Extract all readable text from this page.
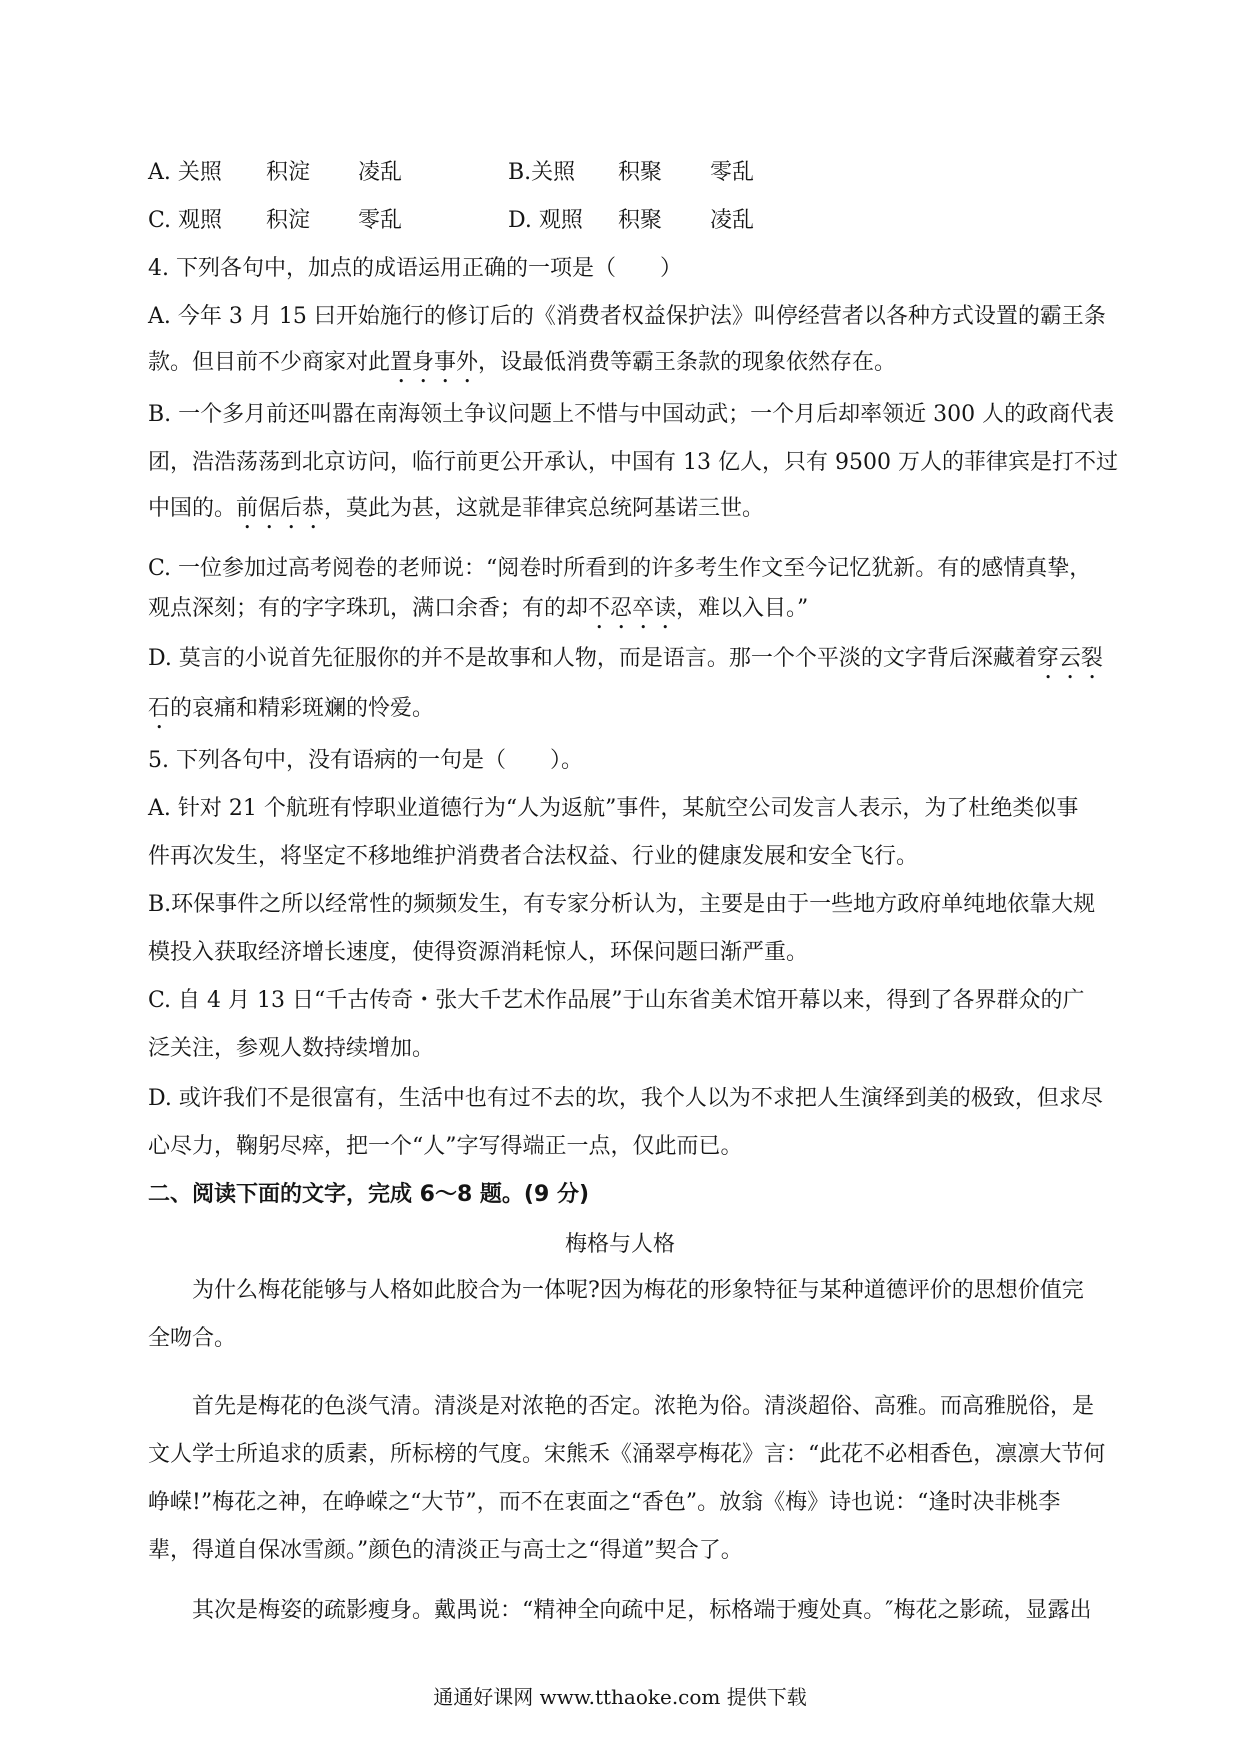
A. 关照 积淀 凌乱	B.关照 积聚 零乱
C. 观照 积淀 零乱	D. 观照 积聚 凌乱
4. 下列各句中，加点的成语运用正确的一项是（　　）
A. 今年 3 月 15 曰开始施行的修订后的《消费者权益保护法》叫停经营者以各种方式设置的霸王条
款。但目前不少商家对此置身事外，设最低消费等霸王条款的现象依然存在。
B. 一个多月前还叫嚣在南海领土争议问题上不惜与中国动武；一个月后却率领近 300 人的政商代表
团，浩浩荡荡到北京访问，临行前更公开承认，中国有 13 亿人，只有 9500 万人的菲律宾是打不过
中国的。前倨后恭，莫此为甚，这就是菲律宾总统阿基诺三世。
C. 一位参加过高考阅卷的老师说：“阅卷时所看到的许多考生作文至今记忆犹新。有的感情真挚，
观点深刻；有的字字珠玑，满口余香；有的却不忍卒读，难以入目。”
D. 莫言的小说首先征服你的并不是故事和人物，而是语言。那一个个平淡的文字背后深藏着穿云裂
石的哀痛和精彩斑斓的怜爱。
5. 下列各句中，没有语病的一句是（　　）。
A. 针对 21 个航班有悖职业道德行为“人为返航”事件，某航空公司发言人表示，为了杜绝类似事
件再次发生，将坚定不移地维护消费者合法权益、行业的健康发展和安全飞行。
B.环保事件之所以经常性的频频发生，有专家分析认为，主要是由于一些地方政府单纯地依靠大规
模投入获取经济增长速度，使得资源消耗惊人，环保问题曰渐严重。
C. 自 4 月 13 日“千古传奇・张大千艺术作品展”于山东省美术馆开幕以来，得到了各界群众的广
泛关注，参观人数持续增加。
D. 或许我们不是很富有，生活中也有过不去的坎，我个人以为不求把人生演绎到美的极致，但求尽
心尽力，鞠躬尽瘁，把一个“人”字写得端正一点，仅此而已。
二、阅读下面的文字，完成 6～8 题。(9 分)
梅格与人格
为什么梅花能够与人格如此胶合为一体呢?因为梅花的形象特征与某种道德评价的思想价值完
全吻合。
首先是梅花的色淡气清。清淡是对浓艳的否定。浓艳为俗。清淡超俗、高雅。而高雅脱俗，是
文人学士所追求的质素，所标榜的气度。宋熊禾《涌翠亭梅花》言：“此花不必相香色，凛凛大节何
峥嵘!”梅花之神，在峥嵘之“大节”，而不在衷面之“香色”。放翁《梅》诗也说：“逢时决非桃李
辈，得道自保冰雪颜。”颜色的清淡正与高士之“得道”契合了。
其次是梅姿的疏影瘦身。戴禺说：“精神全向疏中足，标格端于瘦处真。″梅花之影疏，显露出
通通好课网 www.tthaoke.com 提供下载
